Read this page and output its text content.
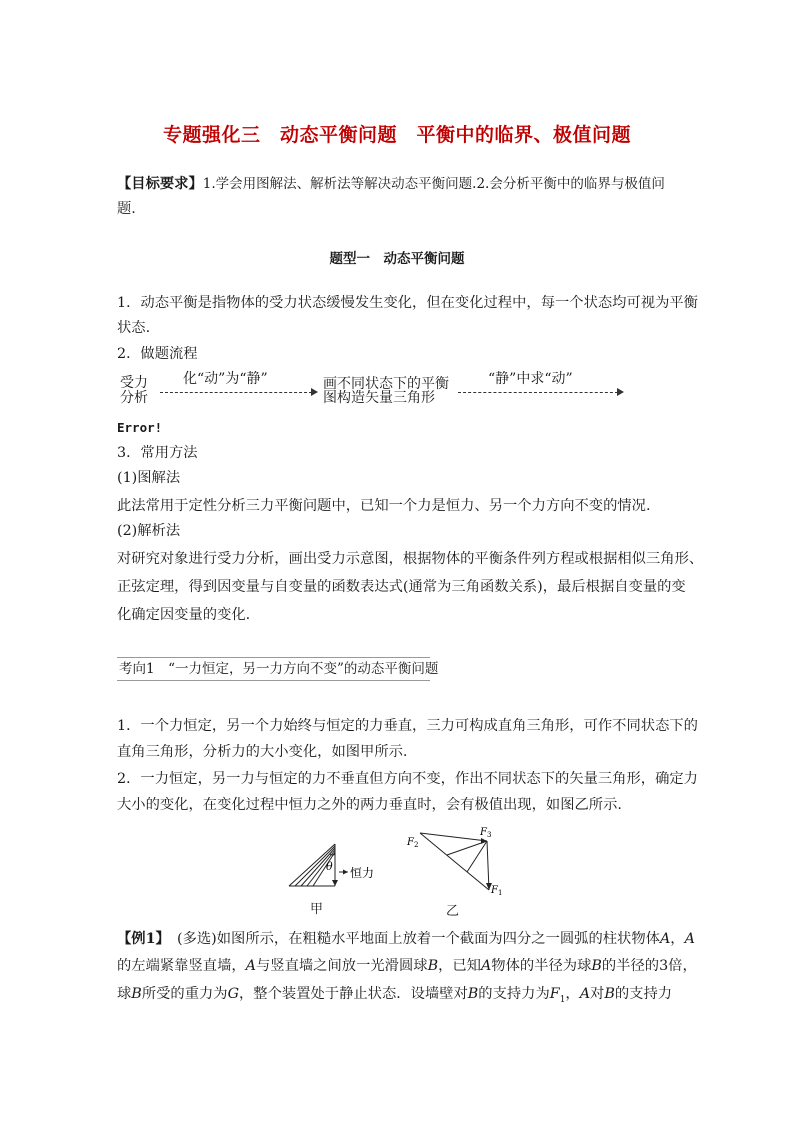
专题强化三　动态平衡问题　平衡中的临界、极值问题
【目标要求】1.学会用图解法、解析法等解决动态平衡问题.2.会分析平衡中的临界与极值问
题.
题型一　动态平衡问题
1．动态平衡是指物体的受力状态缓慢发生变化，但在变化过程中，每一个状态均可视为平衡
状态.
2．做题流程
受力
分析
化“动”为“静”	画不同状态下的平衡
图构造矢量三角形
“静”中求“动”
Error!
3．常用方法
(1)图解法
此法常用于定性分析三力平衡问题中，已知一个力是恒力、另一个力方向不变的情况.
(2)解析法
对研究对象进行受力分析，画出受力示意图，根据物体的平衡条件列方程或根据相似三角形、
正弦定理，得到因变量与自变量的函数表达式(通常为三角函数关系)，最后根据自变量的变
化确定因变量的变化.
考向1　 “一力恒定，另一力方向不变”的动态平衡问题
1．一个力恒定，另一个力始终与恒定的力垂直，三力可构成直角三角形，可作不同状态下的
直角三角形，分析力的大小变化，如图甲所示.
2．一力恒定，另一力与恒定的力不垂直但方向不变，作出不同状态下的矢量三角形，确定力
大小的变化，在变化过程中恒力之外的两力垂直时，会有极值出现，如图乙所示.
θ 恒力
甲
$F_3$
$F_2$
$F_1$
乙
【例1】　 (多选)如图所示，在粗糙水平地面上放着一个截面为四分之一圆弧的柱状物体A，A
的左端紧靠竖直墙，A与竖直墙之间放一光滑圆球B，已知A物体的半径为球B的半径的3倍，
球B所受的重力为G，整个装置处于静止状态．设墙壁对B的支持力为$F_1$，A对B的支持力
